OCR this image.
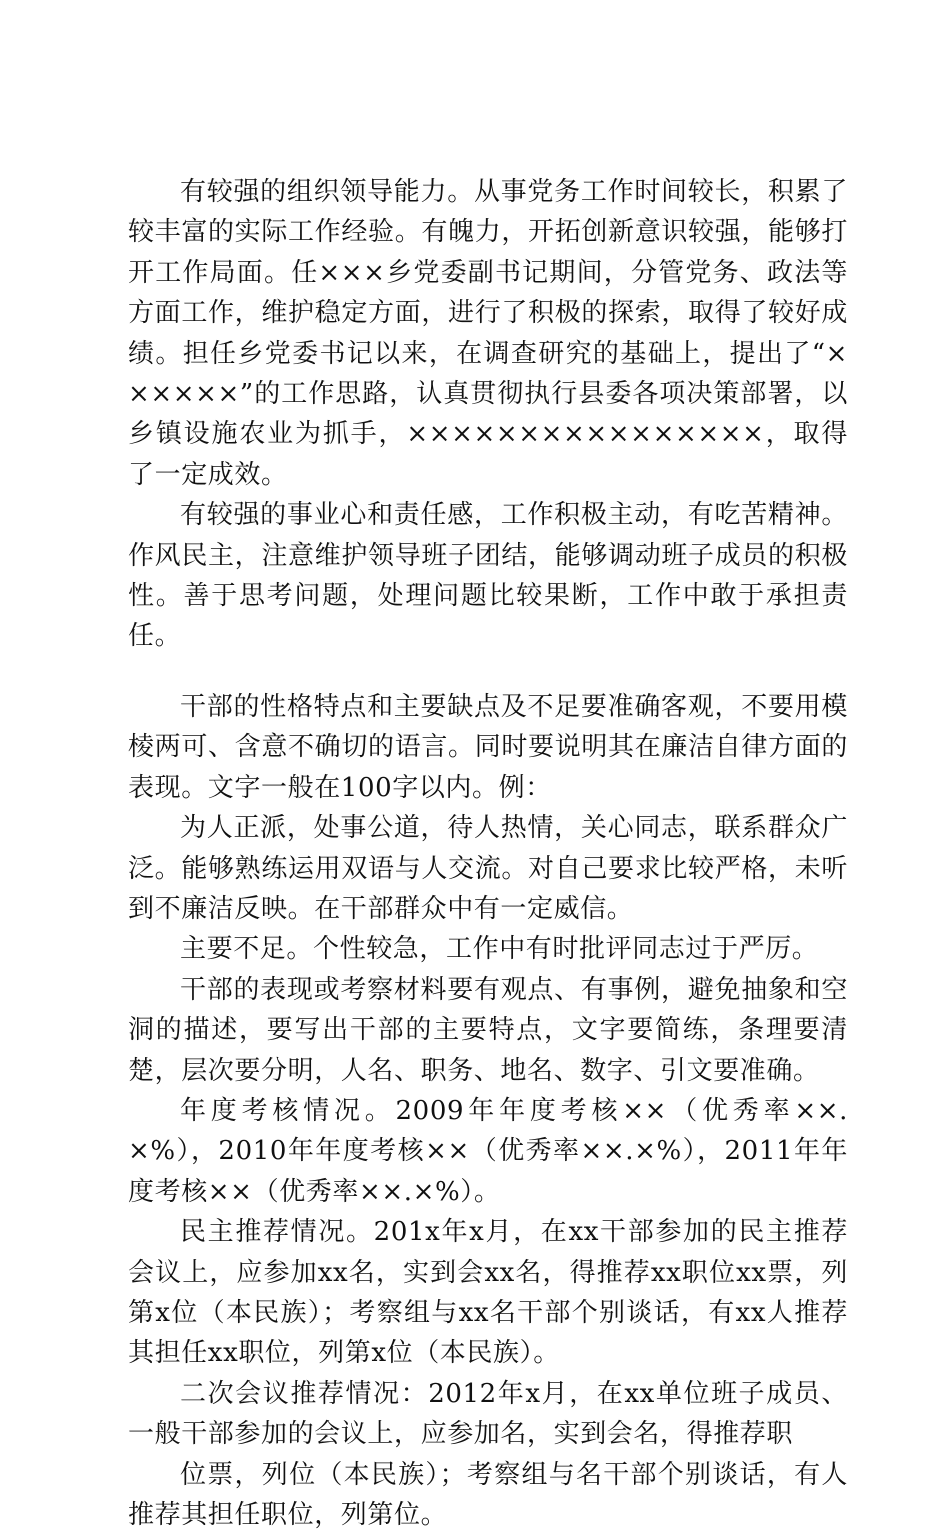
有较强的组织领导能力。从事党务工作时间较长，积累了较丰富的实际工作经验。有魄力，开拓创新意识较强，能够打开工作局面。任×××乡党委副书记期间，分管党务、政法等方面工作，维护稳定方面，进行了积极的探索，取得了较好成绩。担任乡党委书记以来，在调查研究的基础上，提出了“××××××”的工作思路，认真贯彻执行县委各项决策部署，以乡镇设施农业为抓手，××××××××××××××××，取得了一定成效。

有较强的事业心和责任感，工作积极主动，有吃苦精神。作风民主，注意维护领导班子团结，能够调动班子成员的积极性。善于思考问题，处理问题比较果断，工作中敢于承担责任。

干部的性格特点和主要缺点及不足要准确客观，不要用模棱两可、含意不确切的语言。同时要说明其在廉洁自律方面的表现。文字一般在100字以内。例：

为人正派，处事公道，待人热情，关心同志，联系群众广泛。能够熟练运用双语与人交流。对自己要求比较严格，未听到不廉洁反映。在干部群众中有一定威信。

主要不足。个性较急，工作中有时批评同志过于严厉。

干部的表现或考察材料要有观点、有事例，避免抽象和空洞的描述，要写出干部的主要特点，文字要简练，条理要清楚，层次要分明，人名、职务、地名、数字、引文要准确。

年度考核情况。2009年年度考核××（优秀率××.×%），2010年年度考核××（优秀率××.×%），2011年年度考核××（优秀率××.×%）。

民主推荐情况。201x年x月，在xx干部参加的民主推荐会议上，应参加xx名，实到会xx名，得推荐xx职位xx票，列第x位（本民族）；考察组与xx名干部个别谈话，有xx人推荐其担任xx职位，列第x位（本民族）。

二次会议推荐情况：2012年x月，在xx单位班子成员、一般干部参加的会议上，应参加名，实到会名，得推荐职

位票，列位（本民族）；考察组与名干部个别谈话，有人推荐其担任职位，列第位。
